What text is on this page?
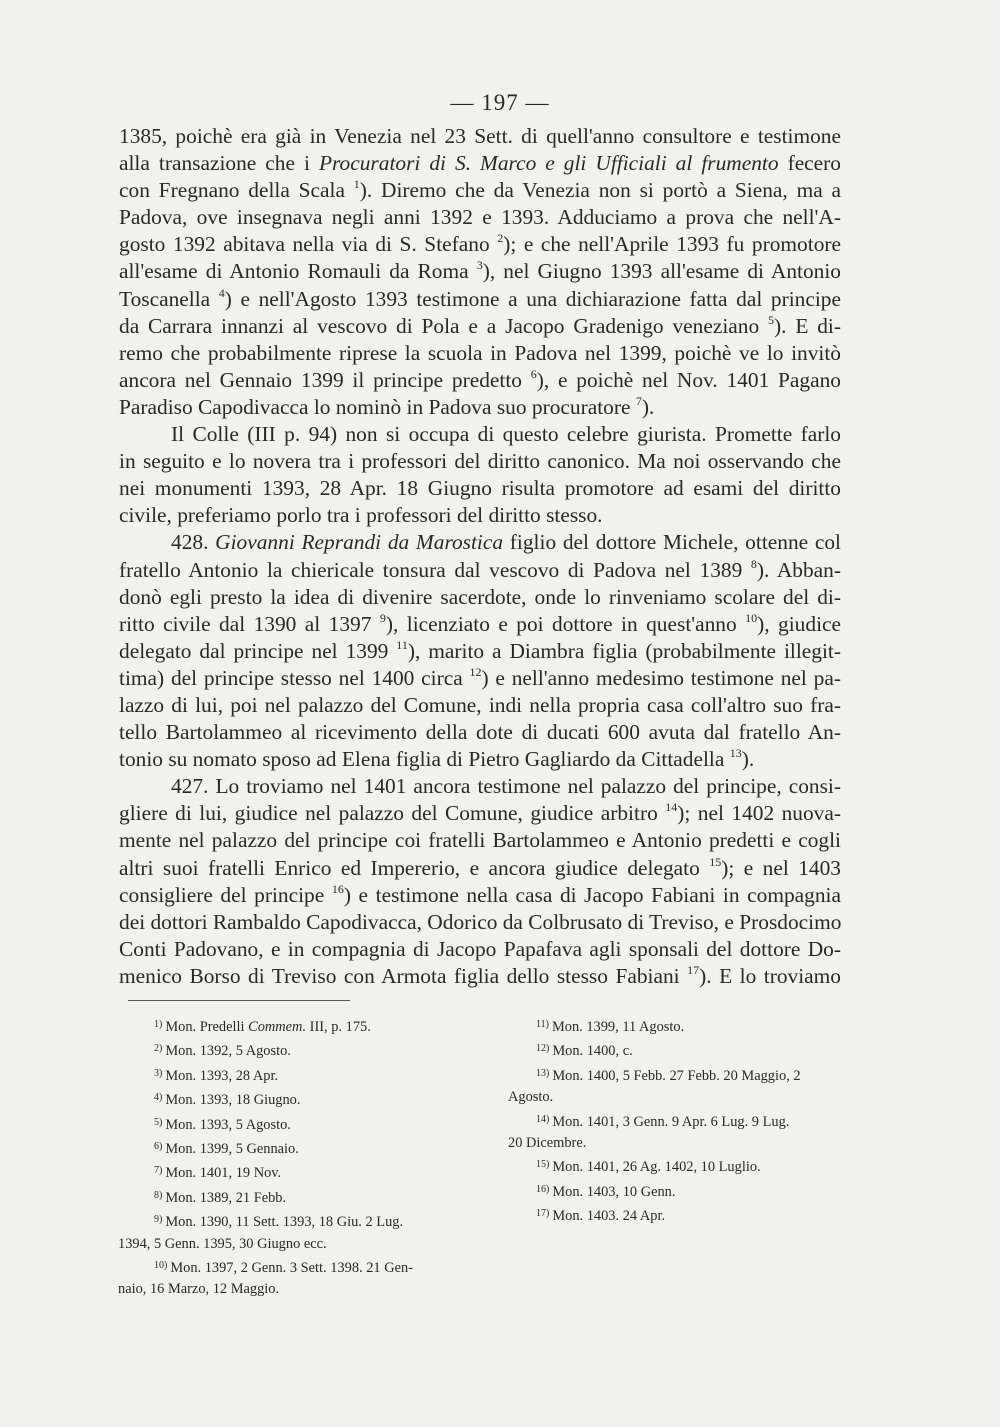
— 197 —
1385, poichè era già in Venezia nel 23 Sett. di quell'anno consultore e testimone
alla transazione che i Procuratori di S. Marco e gli Ufficiali al frumento fecero
con Fregnano della Scala $^1$). Diremo che da Venezia non si portò a Siena, ma a
Padova, ove insegnava negli anni 1392 e 1393. Adduciamo a prova che nell'A-
gosto 1392 abitava nella via di S. Stefano $^2$); e che nell'Aprile 1393 fu promotore
all'esame di Antonio Romauli da Roma $^3$), nel Giugno 1393 all'esame di Antonio
Toscanella $^4$) e nell'Agosto 1393 testimone a una dichiarazione fatta dal principe
da Carrara innanzi al vescovo di Pola e a Jacopo Gradenigo veneziano $^5$). E di-
remo che probabilmente riprese la scuola in Padova nel 1399, poichè ve lo invitò
ancora nel Gennaio 1399 il principe predetto $^6$), e poichè nel Nov. 1401 Pagano
Paradiso Capodivacca lo nominò in Padova suo procuratore $^7$).
Il Colle (III p. 94) non si occupa di questo celebre giurista. Promette farlo
in seguito e lo novera tra i professori del diritto canonico. Ma noi osservando che
nei monumenti 1393, 28 Apr. 18 Giugno risulta promotore ad esami del diritto
civile, preferiamo porlo tra i professori del diritto stesso.
428. Giovanni Reprandi da Marostica figlio del dottore Michele, ottenne col
fratello Antonio la chiericale tonsura dal vescovo di Padova nel 1389 $^8$). Abban-
donò egli presto la idea di divenire sacerdote, onde lo rinveniamo scolare del di-
ritto civile dal 1390 al 1397 $^9$), licenziato e poi dottore in quest'anno $^{10}$), giudice
delegato dal principe nel 1399 $^{11}$), marito a Diambra figlia (probabilmente illegit-
tima) del principe stesso nel 1400 circa $^{12}$) e nell'anno medesimo testimone nel pa-
lazzo di lui, poi nel palazzo del Comune, indi nella propria casa coll'altro suo fra-
tello Bartolammeo al ricevimento della dote di ducati 600 avuta dal fratello An-
tonio su nomato sposo ad Elena figlia di Pietro Gagliardo da Cittadella $^{13}$).
427. Lo troviamo nel 1401 ancora testimone nel palazzo del principe, consi-
gliere di lui, giudice nel palazzo del Comune, giudice arbitro $^{14}$); nel 1402 nuova-
mente nel palazzo del principe coi fratelli Bartolammeo e Antonio predetti e cogli
altri suoi fratelli Enrico ed Impererio, e ancora giudice delegato $^{15}$); e nel 1403
consigliere del principe $^{16}$) e testimone nella casa di Jacopo Fabiani in compagnia
dei dottori Rambaldo Capodivacca, Odorico da Colbrusato di Treviso, e Prosdocimo
Conti Padovano, e in compagnia di Jacopo Papafava agli sponsali del dottore Do-
menico Borso di Treviso con Armota figlia dello stesso Fabiani $^{17}$). E lo troviamo
$^{1)}$ Mon. Predelli Commem. III, p. 175.
$^{2)}$ Mon. 1392, 5 Agosto.
$^{3)}$ Mon. 1393, 28 Apr.
$^{4)}$ Mon. 1393, 18 Giugno.
$^{5)}$ Mon. 1393, 5 Agosto.
$^{6)}$ Mon. 1399, 5 Gennaio.
$^{7)}$ Mon. 1401, 19 Nov.
$^{8)}$ Mon. 1389, 21 Febb.
$^{9)}$ Mon. 1390, 11 Sett. 1393, 18 Giu. 2 Lug.
1394, 5 Genn. 1395, 30 Giugno ecc.
$^{10)}$ Mon. 1397, 2 Genn. 3 Sett. 1398. 21 Gen-
naio, 16 Marzo, 12 Maggio.
$^{11)}$ Mon. 1399, 11 Agosto.
$^{12)}$ Mon. 1400, c.
$^{13)}$ Mon. 1400, 5 Febb. 27 Febb. 20 Maggio, 2
Agosto.
$^{14)}$ Mon. 1401, 3 Genn. 9 Apr. 6 Lug. 9 Lug.
20 Dicembre.
$^{15)}$ Mon. 1401, 26 Ag. 1402, 10 Luglio.
$^{16)}$ Mon. 1403, 10 Genn.
$^{17)}$ Mon. 1403. 24 Apr.
